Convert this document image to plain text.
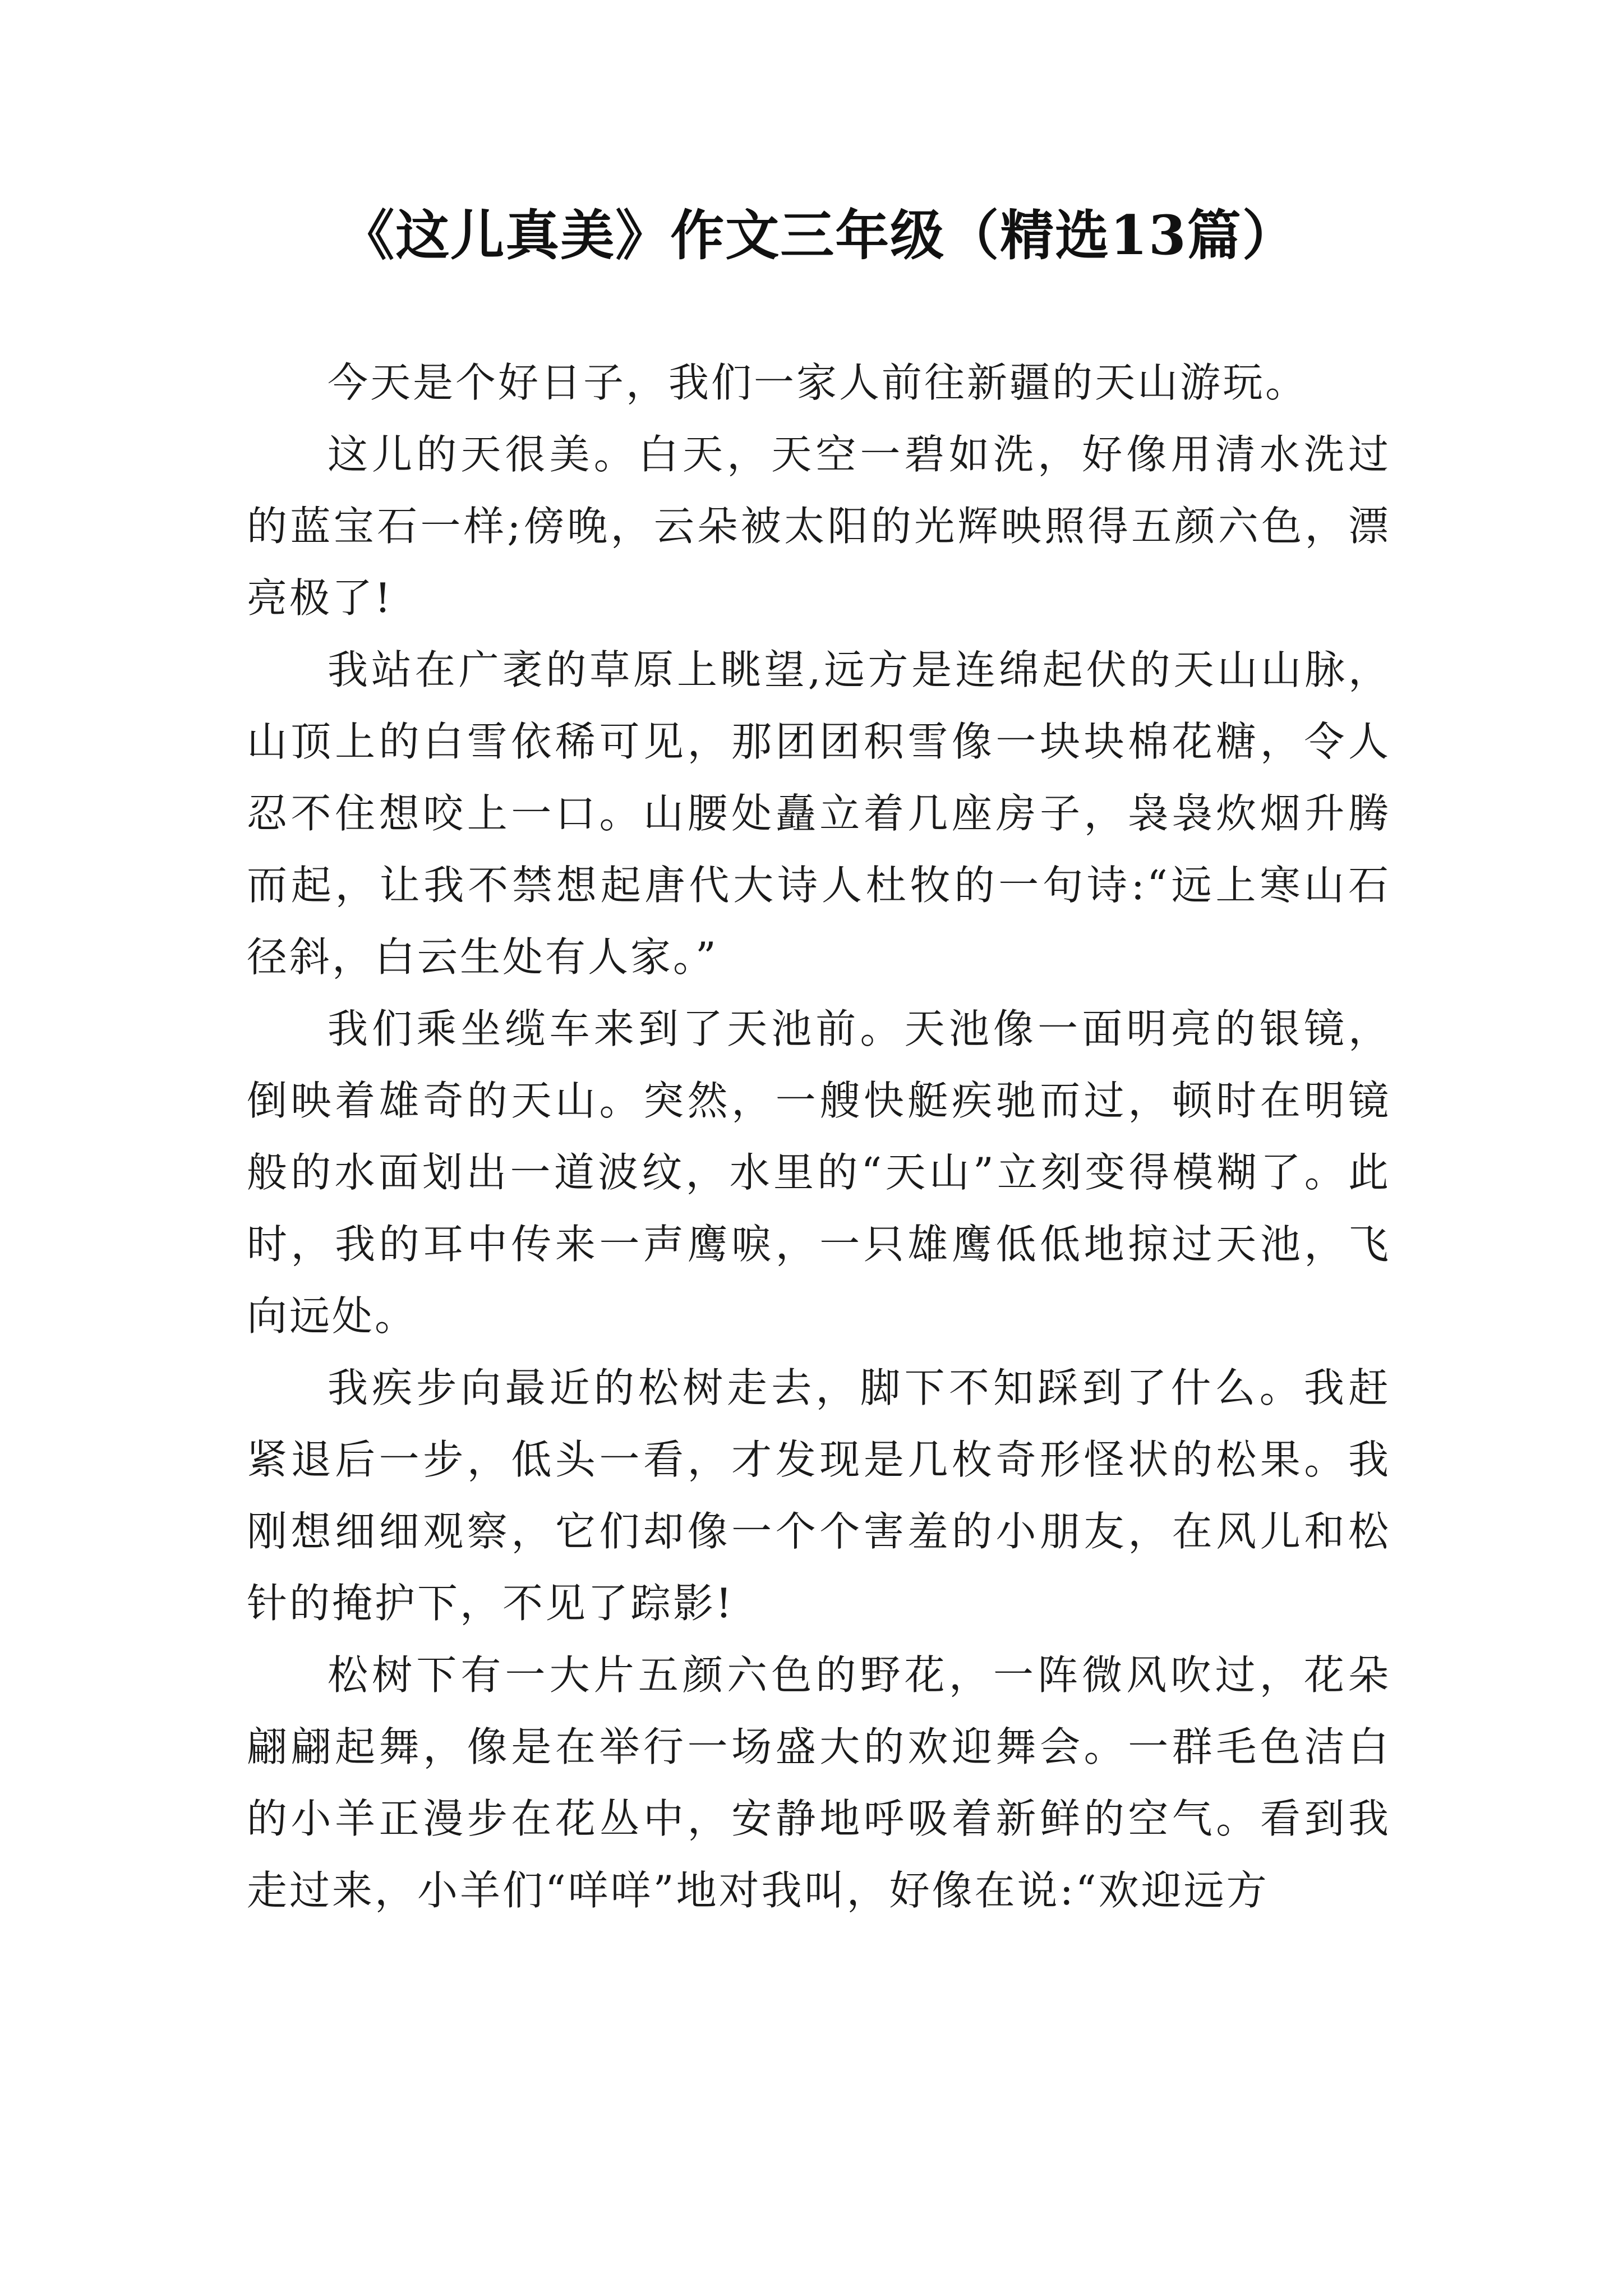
《这儿真美》作文三年级（精选13篇）

今天是个好日子，我们一家人前往新疆的天山游玩。

这儿的天很美。白天，天空一碧如洗，好像用清水洗过的蓝宝石一样;傍晚，云朵被太阳的光辉映照得五颜六色，漂亮极了!

我站在广袤的草原上眺望,远方是连绵起伏的天山山脉，山顶上的白雪依稀可见，那团团积雪像一块块棉花糖，令人忍不住想咬上一口。山腰处矗立着几座房子，袅袅炊烟升腾而起，让我不禁想起唐代大诗人杜牧的一句诗:“远上寒山石径斜，白云生处有人家。”

我们乘坐缆车来到了天池前。天池像一面明亮的银镜，倒映着雄奇的天山。突然，一艘快艇疾驰而过，顿时在明镜般的水面划出一道波纹，水里的“天山”立刻变得模糊了。此时，我的耳中传来一声鹰唳，一只雄鹰低低地掠过天池，飞向远处。

我疾步向最近的松树走去，脚下不知踩到了什么。我赶紧退后一步，低头一看，才发现是几枚奇形怪状的松果。我刚想细细观察，它们却像一个个害羞的小朋友，在风儿和松针的掩护下，不见了踪影!

松树下有一大片五颜六色的野花，一阵微风吹过，花朵翩翩起舞，像是在举行一场盛大的欢迎舞会。一群毛色洁白的小羊正漫步在花丛中，安静地呼吸着新鲜的空气。看到我走过来，小羊们“咩咩”地对我叫，好像在说:“欢迎远方
